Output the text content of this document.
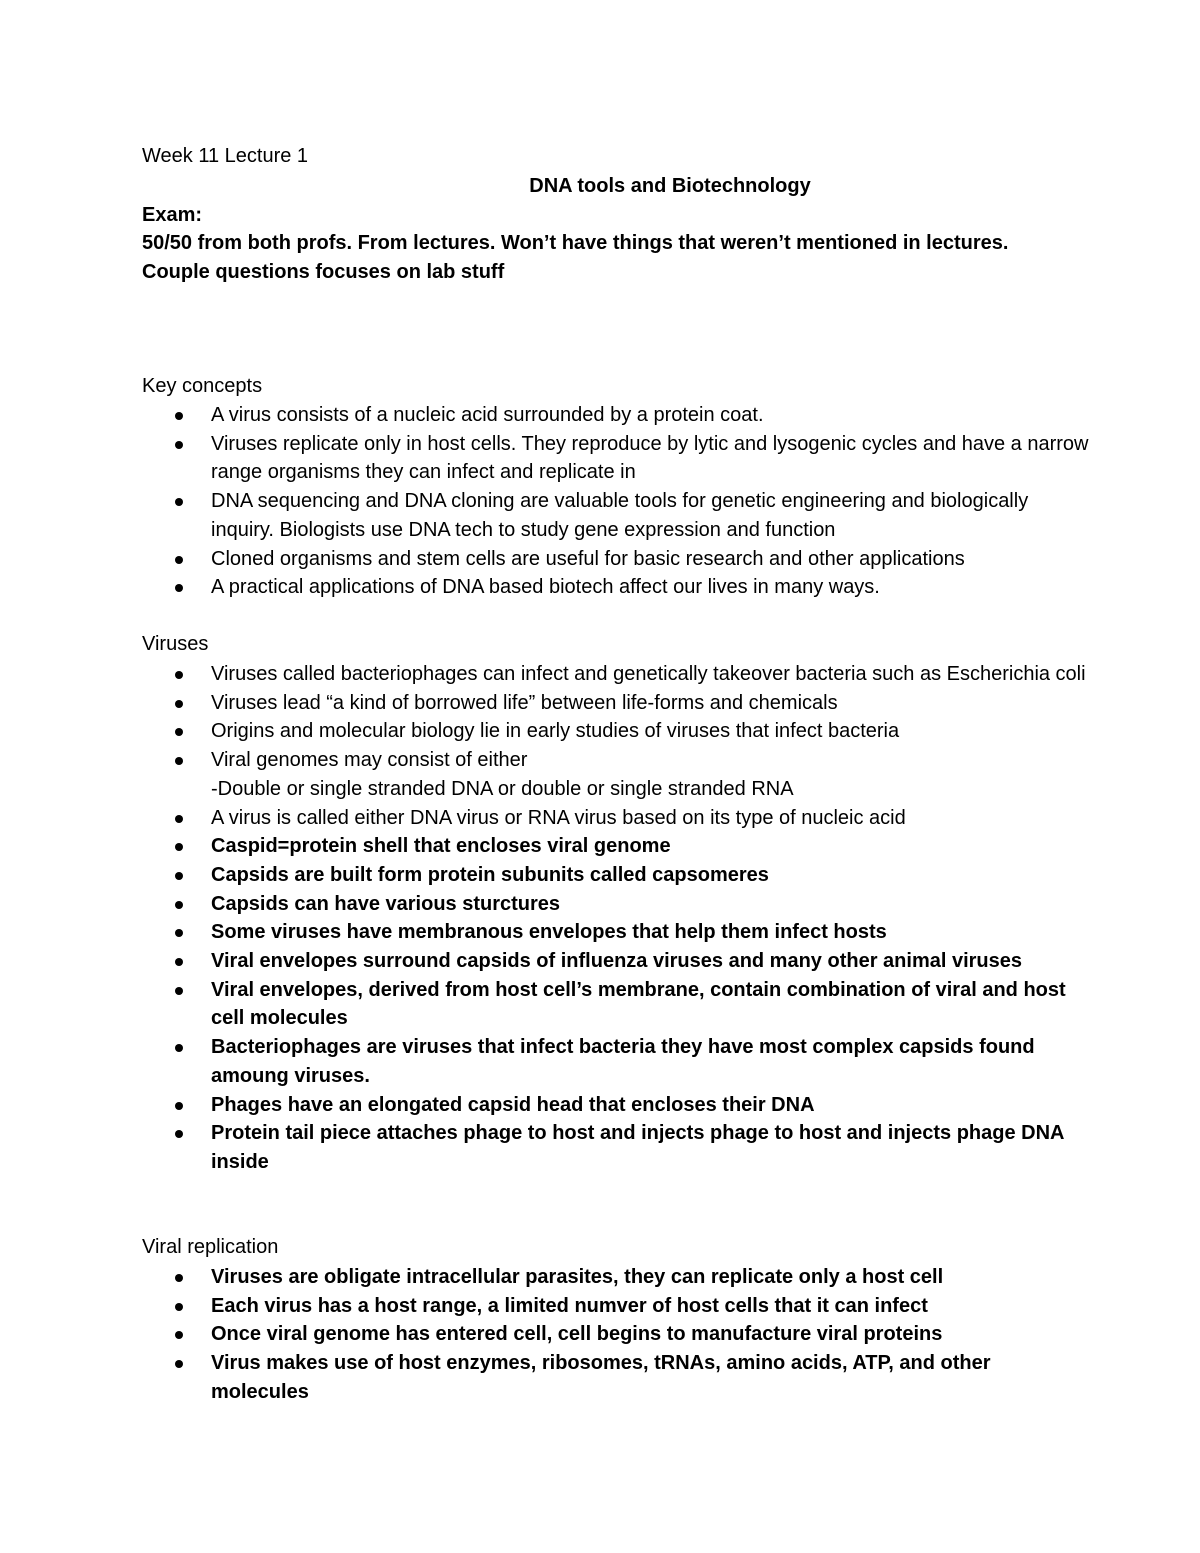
Week 11 Lecture 1
DNA tools and Biotechnology
Exam:
50/50 from both profs. From lectures. Won’t have things that weren’t mentioned in lectures.
Couple questions focuses on lab stuff
Key concepts
A virus consists of a nucleic acid surrounded by a protein coat.
Viruses replicate only in host cells. They reproduce by lytic and lysogenic cycles and have a narrow range organisms they can infect and replicate in
DNA sequencing and DNA cloning are valuable tools for genetic engineering and biologically inquiry. Biologists use DNA tech to study gene expression and function
Cloned organisms and stem cells are useful for basic research and other applications
A practical applications of DNA based biotech affect our lives in many ways.
Viruses
Viruses called bacteriophages can infect and genetically takeover bacteria such as Escherichia coli
Viruses lead “a kind of borrowed life” between life-forms and chemicals
Origins and molecular biology lie in early studies of viruses that infect bacteria
Viral genomes may consist of either
-Double or single stranded DNA or double or single stranded RNA
A virus is called either DNA virus or RNA virus based on its type of nucleic acid
Caspid=protein shell that encloses viral genome
Capsids are built form protein subunits called capsomeres
Capsids can have various sturctures
Some viruses have membranous envelopes that help them infect hosts
Viral envelopes surround capsids of influenza viruses and many other animal viruses
Viral envelopes, derived from host cell’s membrane, contain combination of viral and host cell molecules
Bacteriophages are viruses that infect bacteria they have most complex capsids found amoung viruses.
Phages have an elongated capsid head that encloses their DNA
Protein tail piece attaches phage to host and injects phage to host and injects phage DNA inside
Viral replication
Viruses are obligate intracellular parasites, they can replicate only a host cell
Each virus has a host range, a limited numver of host cells that it can infect
Once viral genome has entered cell, cell begins to manufacture viral proteins
Virus makes use of host enzymes, ribosomes, tRNAs, amino acids, ATP, and other molecules
